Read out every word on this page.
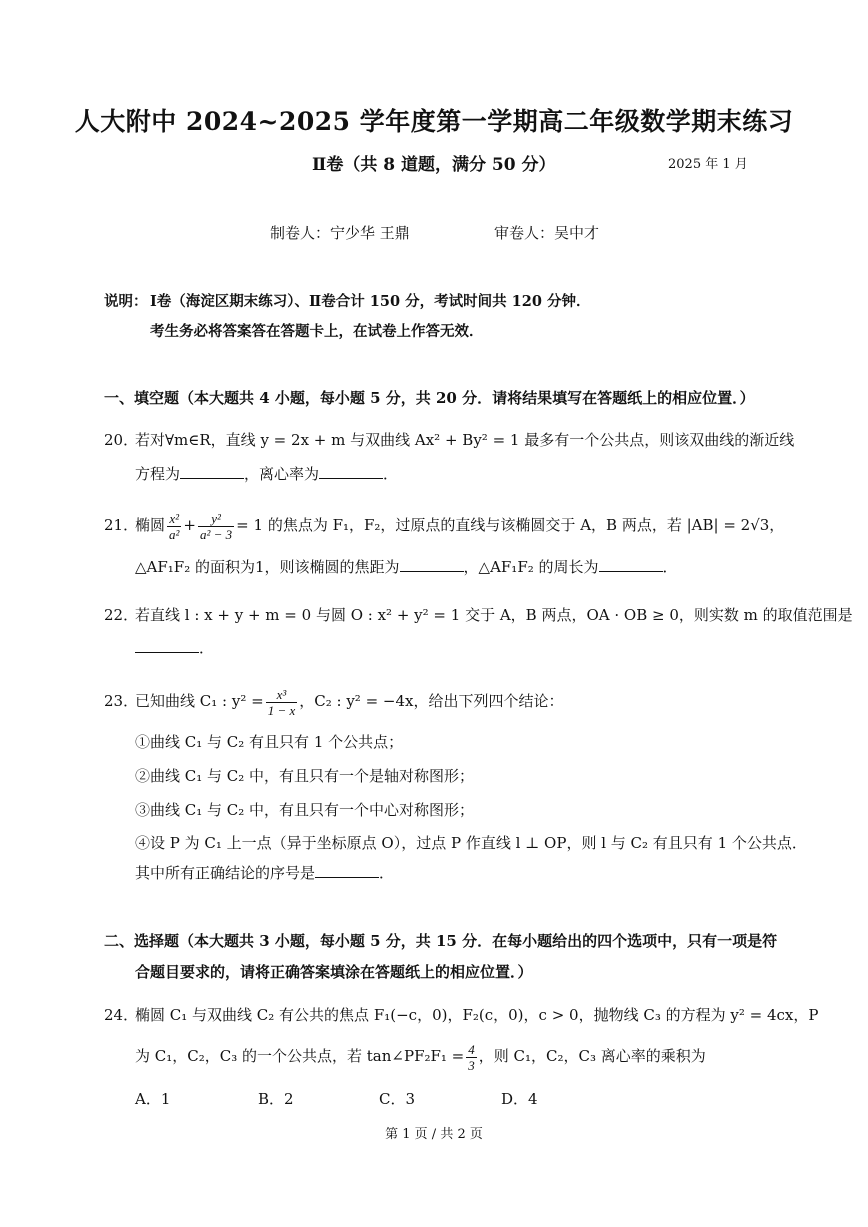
人大附中 2024~2025 学年度第一学期高二年级数学期末练习
Ⅱ卷（共 8 道题，满分 50 分）	2025 年 1 月
制卷人：宁少华 王鼎	审卷人：吴中才
说明： Ⅰ卷（海淀区期末练习）、Ⅱ卷合计 150 分，考试时间共 120 分钟．
考生务必将答案答在答题卡上，在试卷上作答无效．
一、填空题（本大题共 4 小题，每小题 5 分，共 20 分．请将结果填写在答题纸上的相应位置．）
20．
若对∀m∈R，直线 y = 2x + m 与双曲线 Ax² + By² = 1 最多有一个公共点，则该双曲线的渐近线
方程为	，离心率为	．
21．
椭圆 $\frac{\text{x²}}{\text{a²}} + \frac{\text{y²}}{\text{a² − 3}} = 1$ 的焦点为 F₁，F₂，过原点的直线与该椭圆交于 A，B 两点，若 |AB| = 2√3，
△AF₁F₂ 的面积为1，则该椭圆的焦距为	，△AF₁F₂ 的周长为	．
22．
若直线 l : x + y + m = 0 与圆 O : x² + y² = 1 交于 A，B 两点，OA · OB ≥ 0，则实数 m 的取值范围是
．
23．
已知曲线 C₁ : $y^2 = \frac{\text{x³}}{1 - x}$ ，C₂ : y² = −4x，给出下列四个结论：
①曲线 C₁ 与 C₂ 有且只有 1 个公共点；
②曲线 C₁ 与 C₂ 中，有且只有一个是轴对称图形；
③曲线 C₁ 与 C₂ 中，有且只有一个中心对称图形；
④设 P 为 C₁ 上一点（异于坐标原点 O），过点 P 作直线 l ⊥ OP，则 l 与 C₂ 有且只有 1 个公共点．
其中所有正确结论的序号是	．
二、选择题（本大题共 3 小题，每小题 5 分，共 15 分．在每小题给出的四个选项中，只有一项是符
合题目要求的，请将正确答案填涂在答题纸上的相应位置．）
24．
椭圆 C₁ 与双曲线 C₂ 有公共的焦点 F₁(−c，0)，F₂(c，0)，c > 0，抛物线 C₃ 的方程为 y² = 4cx，P
为 C₁，C₂，C₃ 的一个公共点，若 tan∠PF₂F₁ = $\frac{4}{3}$ ，则 C₁，C₂，C₃ 离心率的乘积为
A．1	B．2	C．3	D．4
第 1 页 / 共 2 页
